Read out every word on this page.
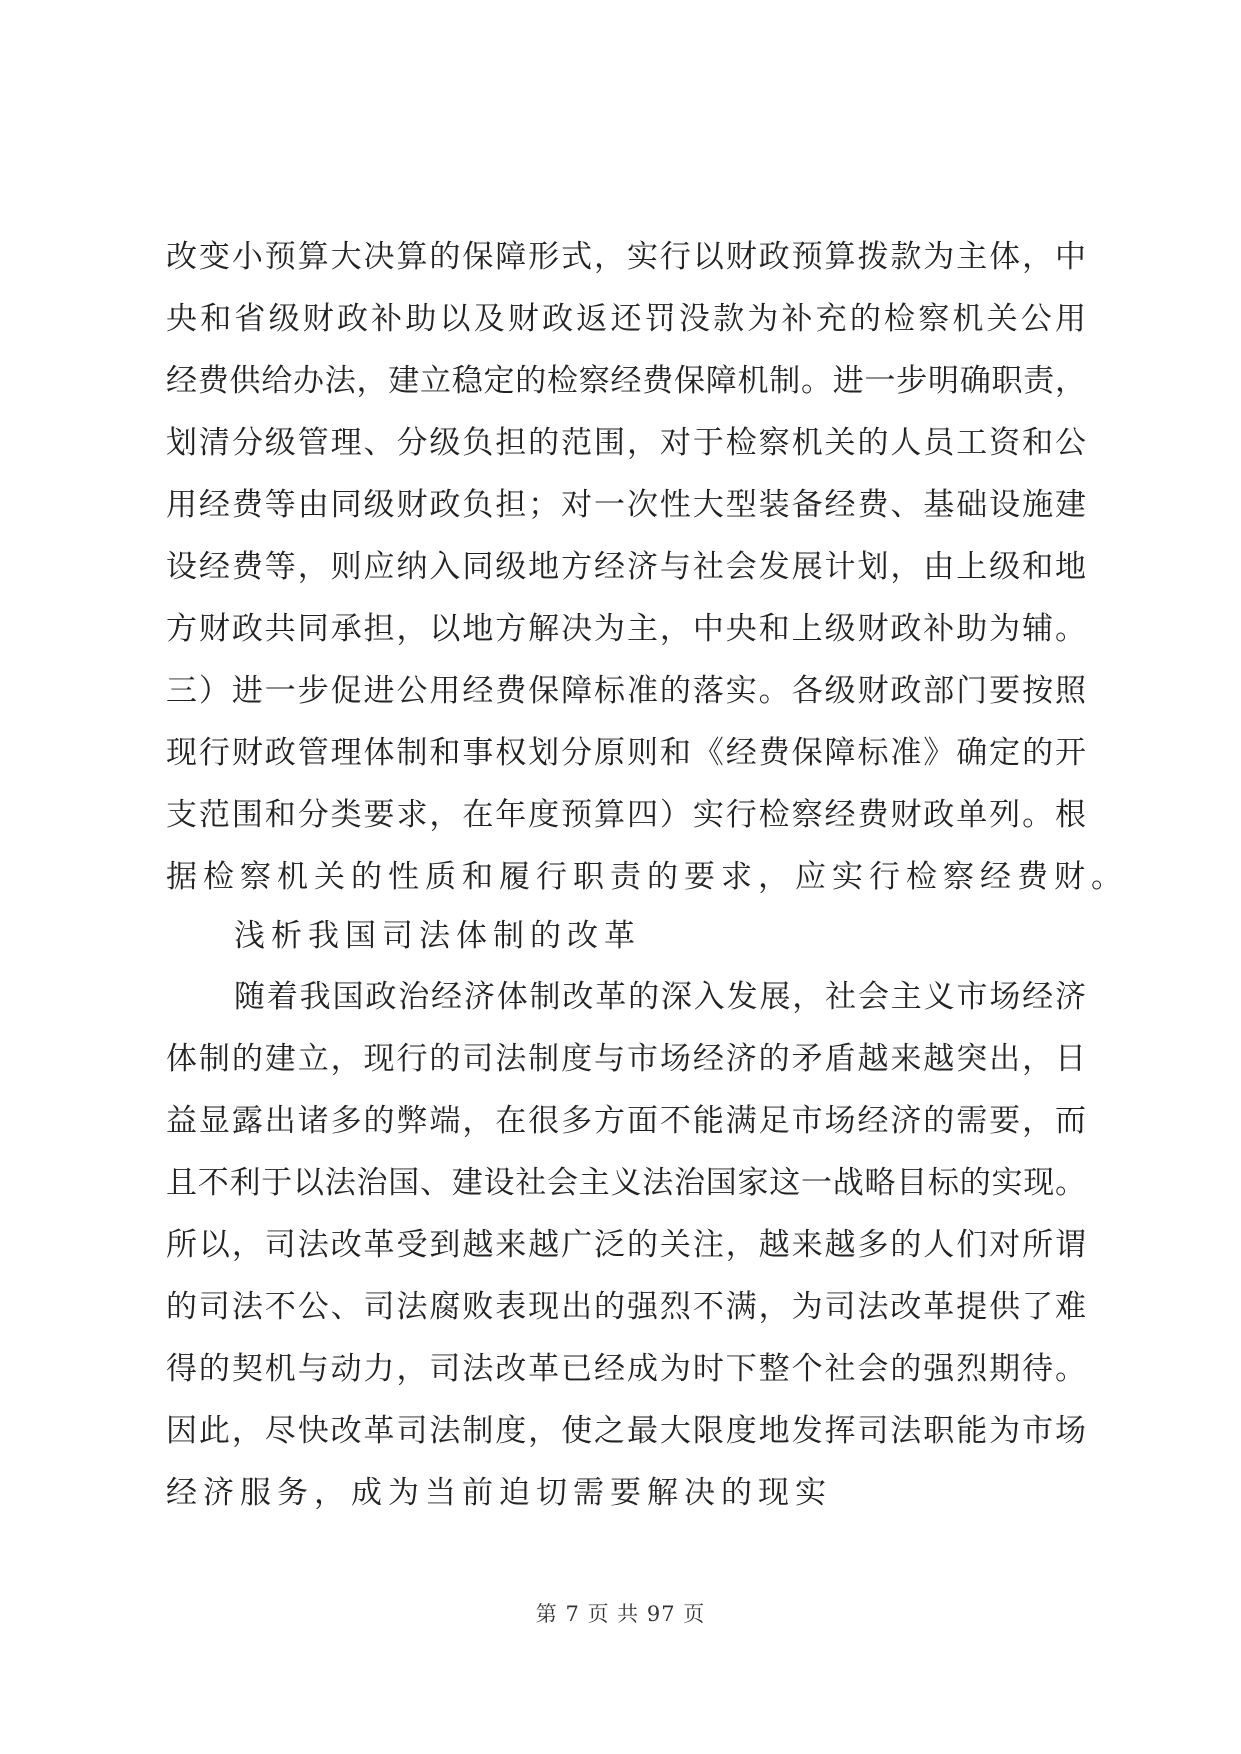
改变小预算大决算的保障形式，实行以财政预算拨款为主体，中
央和省级财政补助以及财政返还罚没款为补充的检察机关公用
经费供给办法，建立稳定的检察经费保障机制。进一步明确职责，
划清分级管理、分级负担的范围，对于检察机关的人员工资和公
用经费等由同级财政负担；对一次性大型装备经费、基础设施建
设经费等，则应纳入同级地方经济与社会发展计划，由上级和地
方财政共同承担，以地方解决为主，中央和上级财政补助为辅。
三）进一步促进公用经费保障标准的落实。各级财政部门要按照
现行财政管理体制和事权划分原则和《经费保障标准》确定的开
支范围和分类要求，在年度预算四）实行检察经费财政单列。根
据检察机关的性质和履行职责的要求，应实行检察经费财。
浅析我国司法体制的改革
随着我国政治经济体制改革的深入发展，社会主义市场经济
体制的建立，现行的司法制度与市场经济的矛盾越来越突出，日
益显露出诸多的弊端，在很多方面不能满足市场经济的需要，而
且不利于以法治国、建设社会主义法治国家这一战略目标的实现。
所以，司法改革受到越来越广泛的关注，越来越多的人们对所谓
的司法不公、司法腐败表现出的强烈不满，为司法改革提供了难
得的契机与动力，司法改革已经成为时下整个社会的强烈期待。
因此，尽快改革司法制度，使之最大限度地发挥司法职能为市场
经济服务，成为当前迫切需要解决的现实
第 7 页 共 97 页
